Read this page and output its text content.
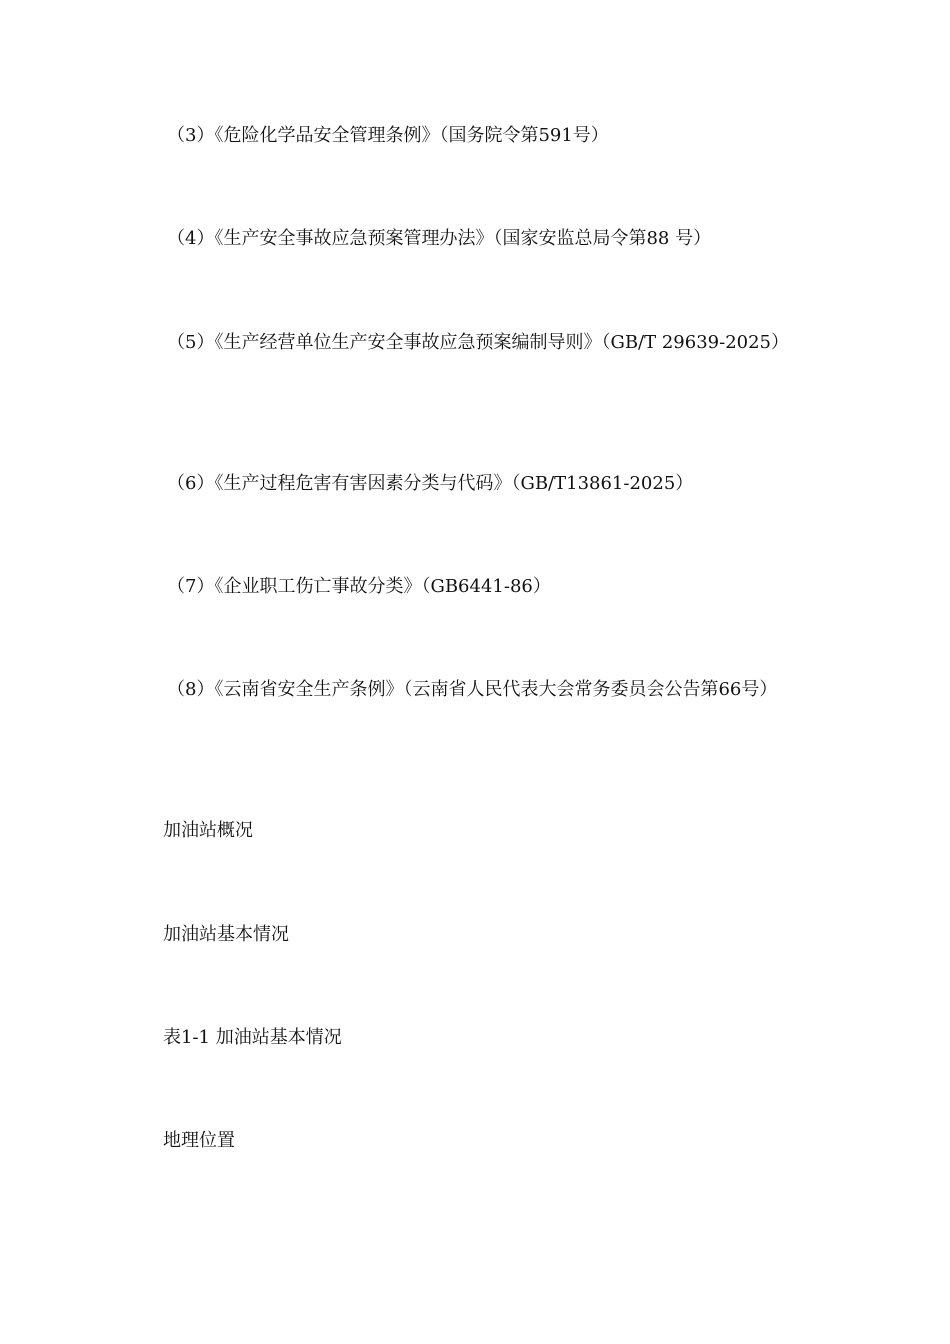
（3）《危险化学品安全管理条例》（国务院令第591号）
（4）《生产安全事故应急预案管理办法》（国家安监总局令第88 号）
（5）《生产经营单位生产安全事故应急预案编制导则》（GB/T 29639-2025）
（6）《生产过程危害有害因素分类与代码》（GB/T13861-2025）
（7）《企业职工伤亡事故分类》（GB6441-86）
（8）《云南省安全生产条例》（云南省人民代表大会常务委员会公告第66号）
加油站概况
加油站基本情况
表1-1 加油站基本情况
地理位置
